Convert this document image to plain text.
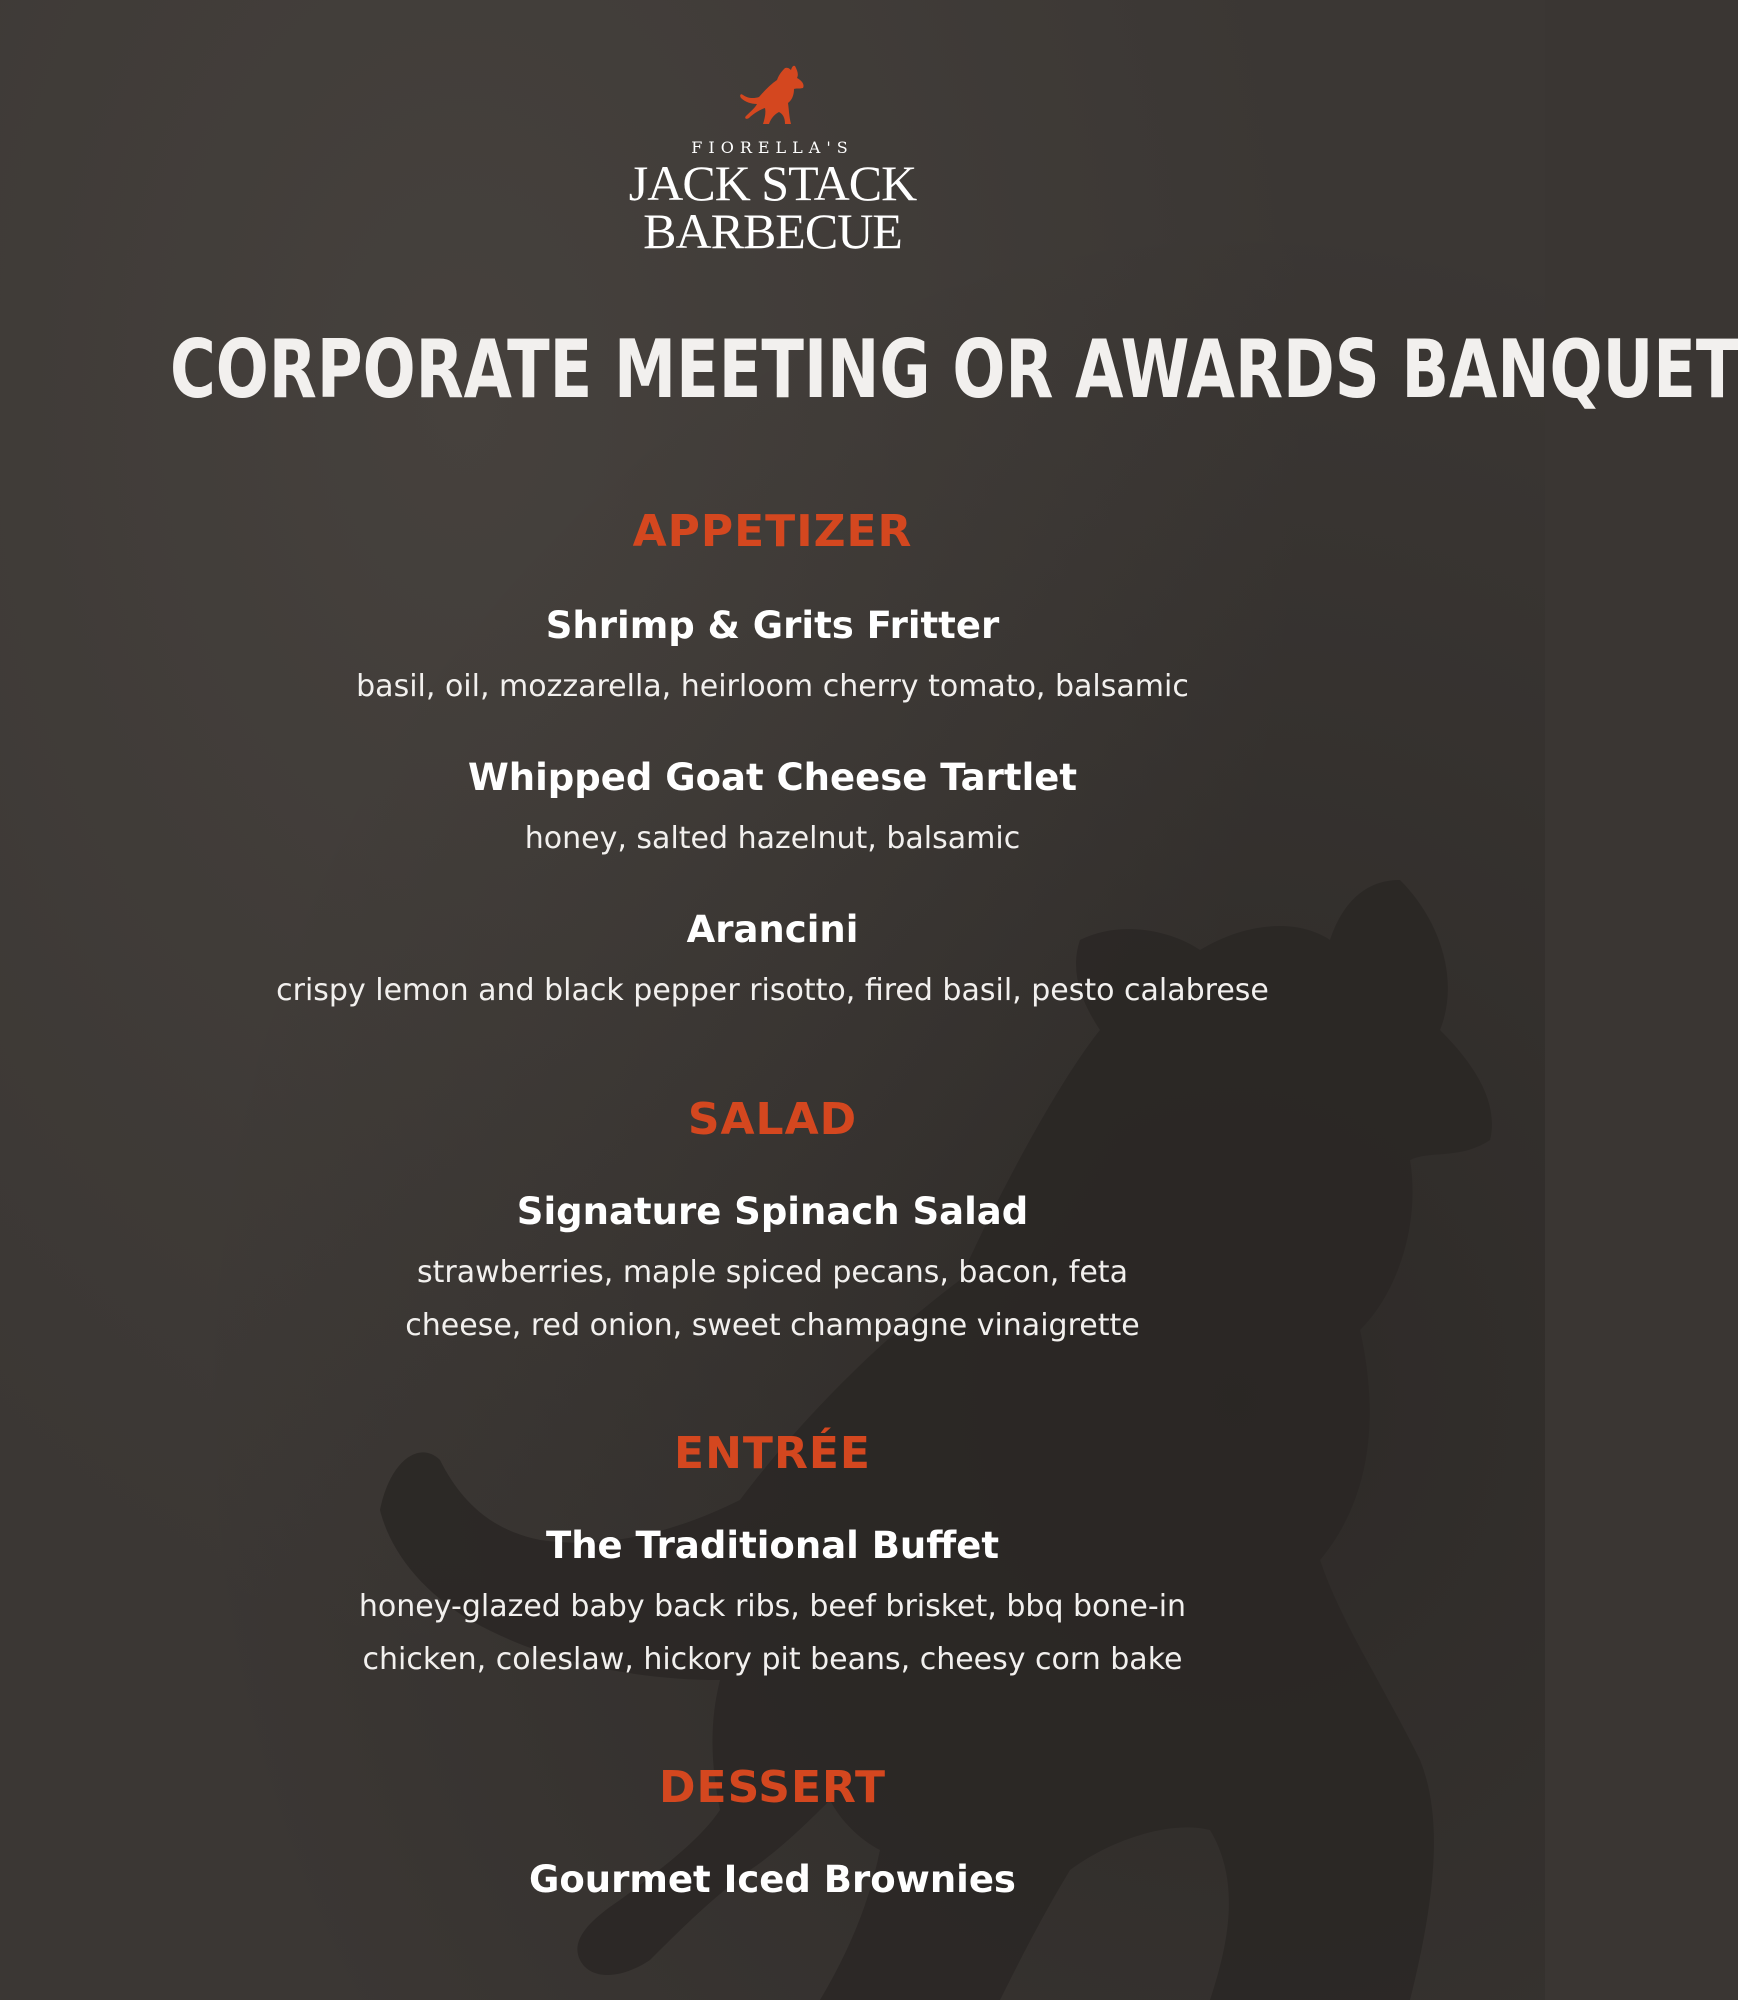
FIORELLA'S
JACK STACK
BARBECUE
CORPORATE MEETING OR AWARDS BANQUET
APPETIZER
Shrimp & Grits Fritter
basil, oil, mozzarella, heirloom cherry tomato, balsamic
Whipped Goat Cheese Tartlet
honey, salted hazelnut, balsamic
Arancini
crispy lemon and black pepper risotto, fired basil, pesto calabrese
SALAD
Signature Spinach Salad
strawberries, maple spiced pecans, bacon, feta
cheese, red onion, sweet champagne vinaigrette
ENTRÉE
The Traditional Buffet
honey-glazed baby back ribs, beef brisket, bbq bone-in
chicken, coleslaw, hickory pit beans, cheesy corn bake
DESSERT
Gourmet Iced Brownies
